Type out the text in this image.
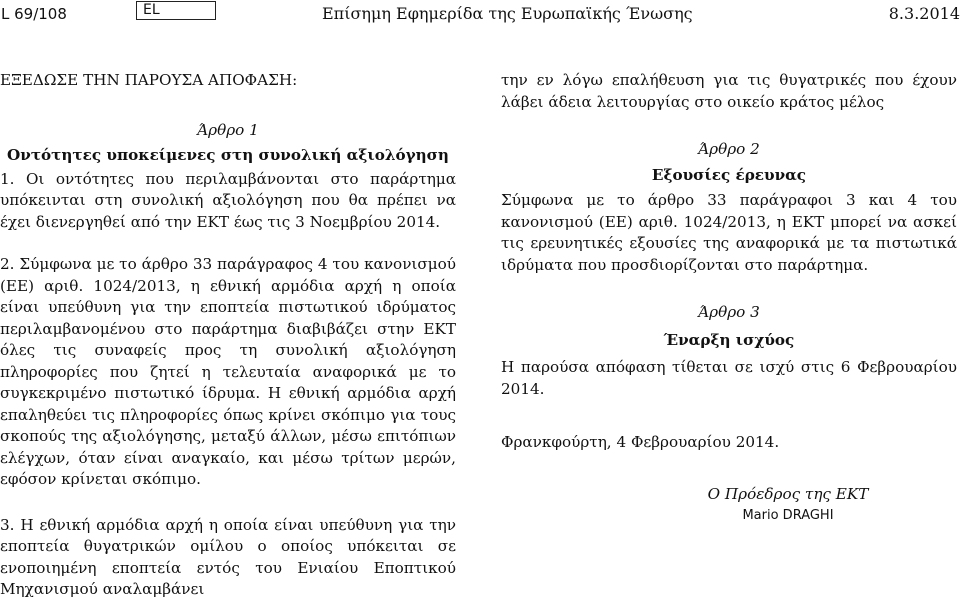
L 69/108	EL	Επίσημη Εφημερίδα της Ευρωπαϊκής Ένωσης	8.3.2014

ΕΞΕΔΩΣΕ ΤΗΝ ΠΑΡΟΥΣΑ ΑΠΟΦΑΣΗ:

Άρθρο 1

Οντότητες υποκείμενες στη συνολική αξιολόγηση

1. Οι οντότητες που περιλαμβάνονται στο παράρτημα υπόκεινται στη συνολική αξιολόγηση που θα πρέπει να έχει διενεργηθεί από την ΕΚΤ έως τις 3 Νοεμβρίου 2014.

2. Σύμφωνα με το άρθρο 33 παράγραφος 4 του κανονισμού (ΕΕ) αριθ. 1024/2013, η εθνική αρμόδια αρχή η οποία είναι υπεύθυνη για την εποπτεία πιστωτικού ιδρύματος περιλαμβανομένου στο παράρτημα διαβιβάζει στην ΕΚΤ όλες τις συναφείς προς τη συνολική αξιολόγηση πληροφορίες που ζητεί η τελευταία αναφορικά με το συγκεκριμένο πιστωτικό ίδρυμα. Η εθνική αρμόδια αρχή επαληθεύει τις πληροφορίες όπως κρίνει σκόπιμο για τους σκοπούς της αξιολόγησης, μεταξύ άλλων, μέσω επιτόπιων ελέγχων, όταν είναι αναγκαίο, και μέσω τρίτων μερών, εφόσον κρίνεται σκόπιμο.

3. Η εθνική αρμόδια αρχή η οποία είναι υπεύθυνη για την εποπτεία θυγατρικών ομίλου ο οποίος υπόκειται σε ενοποιημένη εποπτεία εντός του Ενιαίου Εποπτικού Μηχανισμού αναλαμβάνει

την εν λόγω επαλήθευση για τις θυγατρικές που έχουν λάβει άδεια λειτουργίας στο οικείο κράτος μέλος

Άρθρο 2

Εξουσίες έρευνας

Σύμφωνα με το άρθρο 33 παράγραφοι 3 και 4 του κανονισμού (ΕΕ) αριθ. 1024/2013, η ΕΚΤ μπορεί να ασκεί τις ερευνητικές εξουσίες της αναφορικά με τα πιστωτικά ιδρύματα που προσδιορίζονται στο παράρτημα.

Άρθρο 3

Έναρξη ισχύος

Η παρούσα απόφαση τίθεται σε ισχύ στις 6 Φεβρουαρίου 2014.

Φρανκφούρτη, 4 Φεβρουαρίου 2014.

Ο Πρόεδρος της ΕΚΤ

Mario DRAGHI
